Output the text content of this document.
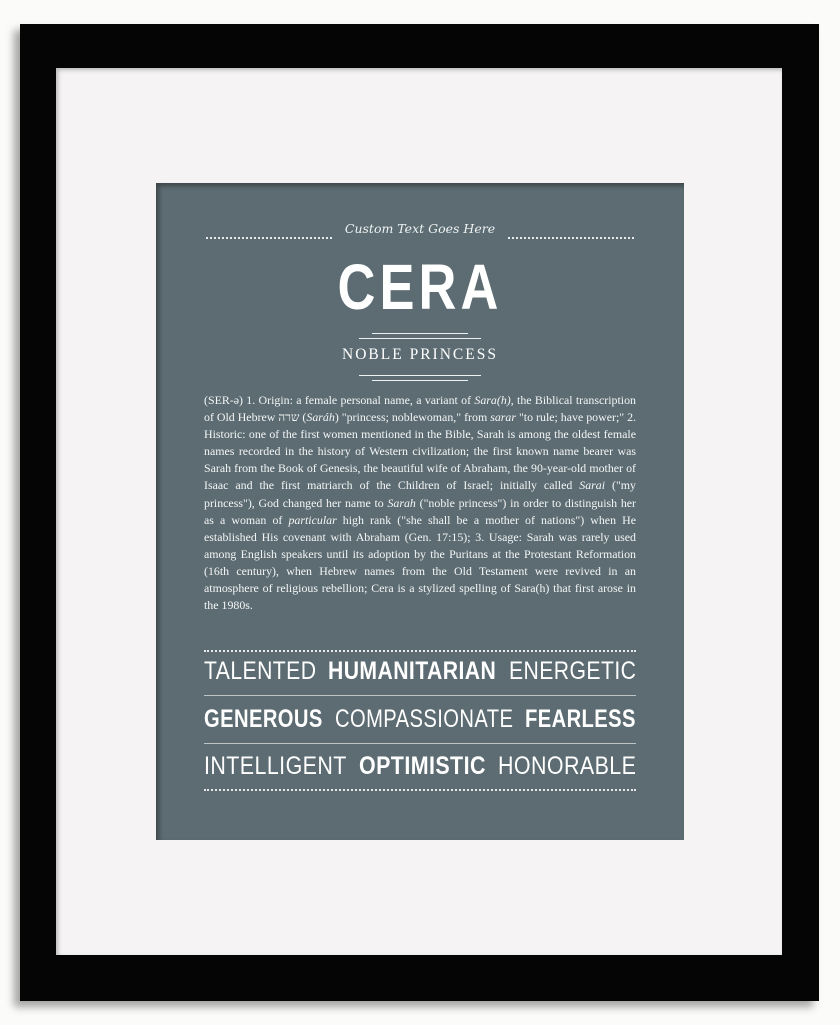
Custom Text Goes Here
CERA
NOBLE PRINCESS
(SER-ə) 1. Origin: a female personal name, a variant of Sara(h), the Biblical transcription of Old Hebrew שרה (Saráh) "princess; noblewoman," from sarar "to rule; have power;" 2. Historic: one of the first women mentioned in the Bible, Sarah is among the oldest female names recorded in the history of Western civilization; the first known name bearer was Sarah from the Book of Genesis, the beautiful wife of Abraham, the 90-year-old mother of Isaac and the first matriarch of the Children of Israel; initially called Sarai ("my princess"), God changed her name to Sarah ("noble princess") in order to distinguish her as a woman of particular high rank ("she shall be a mother of nations") when He established His covenant with Abraham (Gen. 17:15); 3. Usage: Sarah was rarely used among English speakers until its adoption by the Puritans at the Protestant Reformation (16th century), when Hebrew names from the Old Testament were revived in an atmosphere of religious rebellion; Cera is a stylized spelling of Sara(h) that first arose in the 1980s.
TALENTED HUMANITARIAN ENERGETIC
GENEROUS COMPASSIONATE FEARLESS
INTELLIGENT OPTIMISTIC HONORABLE
